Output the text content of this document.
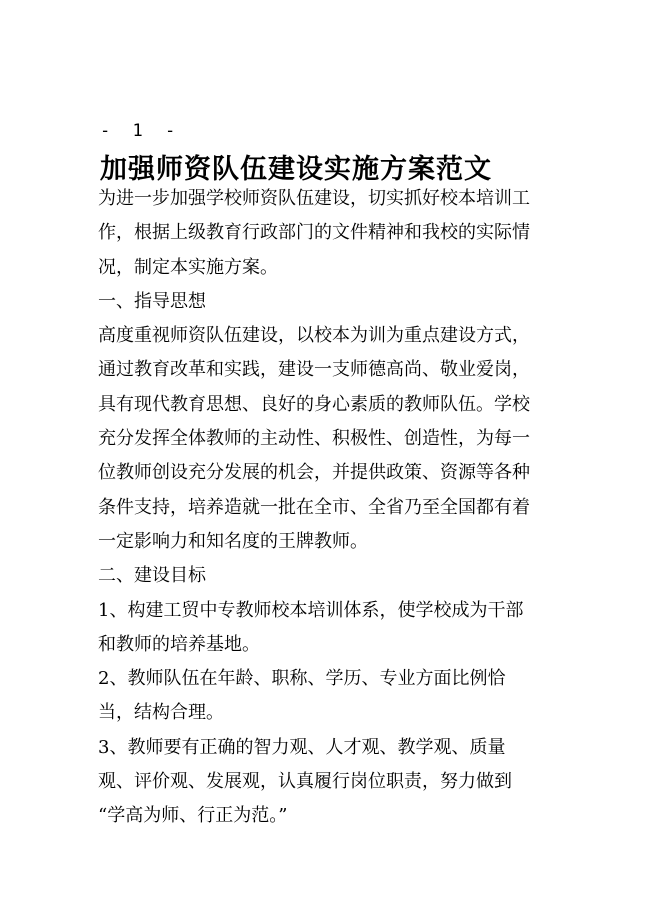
- 1 -
加强师资队伍建设实施方案范文
为进一步加强学校师资队伍建设，切实抓好校本培训工
作，根据上级教育行政部门的文件精神和我校的实际情
况，制定本实施方案。
一、指导思想
高度重视师资队伍建设，以校本为训为重点建设方式，
通过教育改革和实践，建设一支师德高尚、敬业爱岗，
具有现代教育思想、良好的身心素质的教师队伍。学校
充分发挥全体教师的主动性、积极性、创造性，为每一
位教师创设充分发展的机会，并提供政策、资源等各种
条件支持，培养造就一批在全市、全省乃至全国都有着
一定影响力和知名度的王牌教师。
二、建设目标
1、构建工贸中专教师校本培训体系，使学校成为干部
和教师的培养基地。
2、教师队伍在年龄、职称、学历、专业方面比例恰
当，结构合理。
3、教师要有正确的智力观、人才观、教学观、质量
观、评价观、发展观，认真履行岗位职责，努力做到
“学高为师、行正为范。”
